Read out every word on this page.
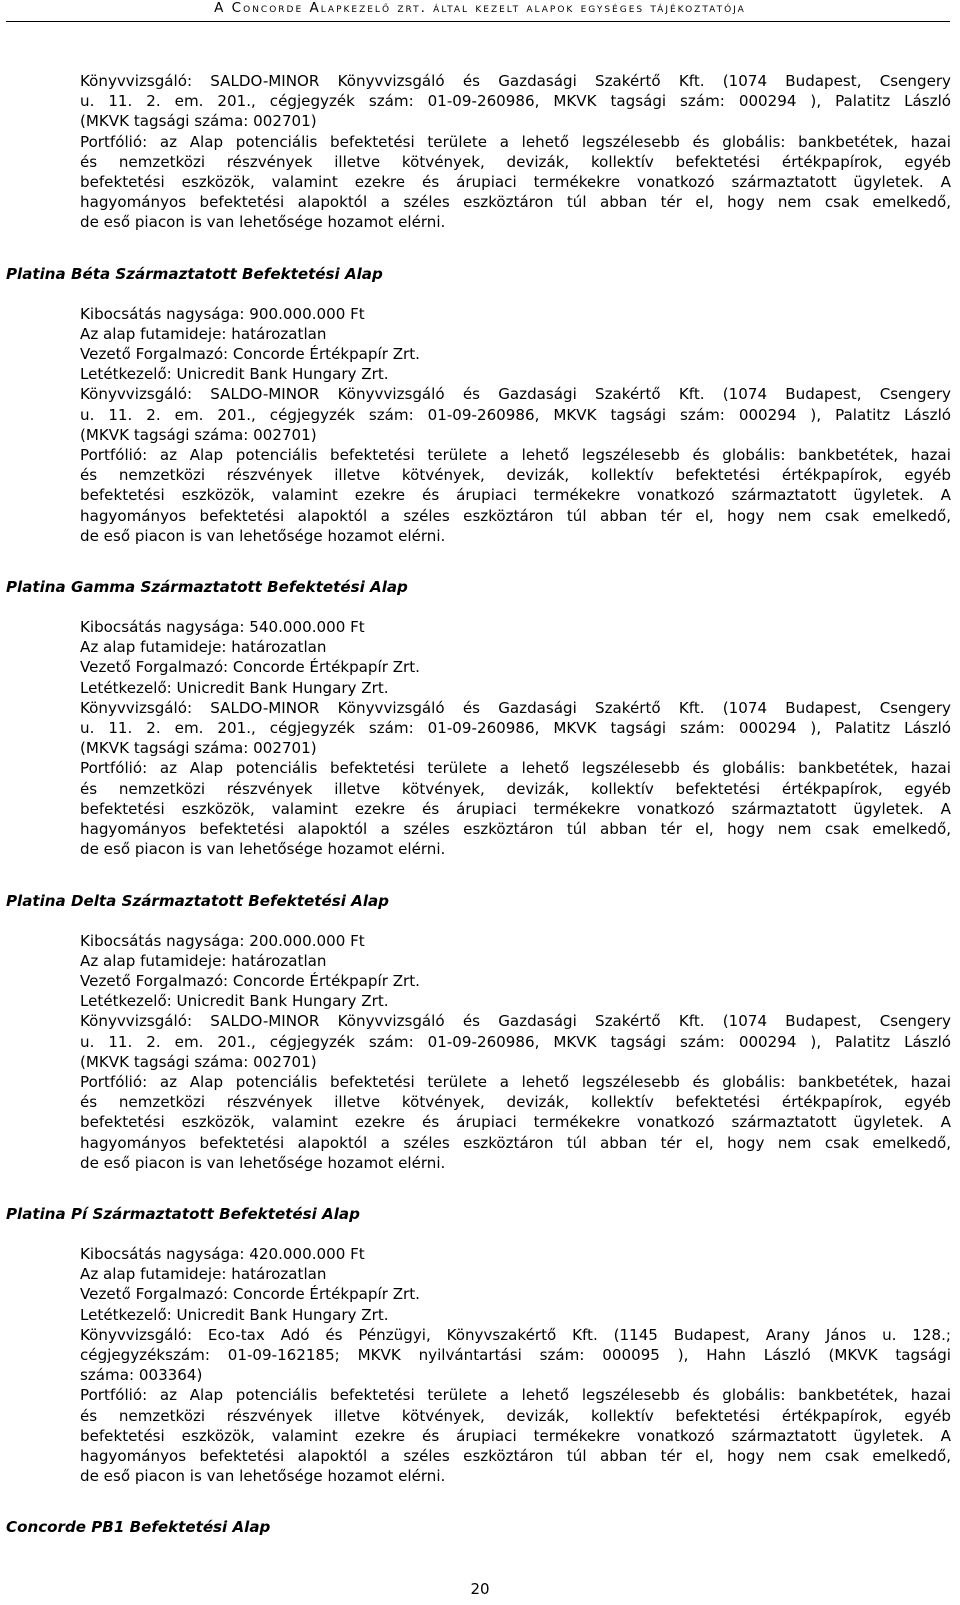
A Concorde Alapkezelő zrt. által kezelt alapok egységes tájékoztatója
Könyvvizsgáló: SALDO-MINOR Könyvvizsgáló és Gazdasági Szakértő Kft. (1074 Budapest, Csengery
u. 11. 2. em. 201., cégjegyzék szám: 01-09-260986, MKVK tagsági szám: 000294 ), Palatitz László
(MKVK tagsági száma: 002701)
Portfólió: az Alap potenciális befektetési területe a lehető legszélesebb és globális: bankbetétek, hazai
és nemzetközi részvények illetve kötvények, devizák, kollektív befektetési értékpapírok, egyéb
befektetési eszközök, valamint ezekre és árupiaci termékekre vonatkozó származtatott ügyletek. A
hagyományos befektetési alapoktól a széles eszköztáron túl abban tér el, hogy nem csak emelkedő,
de eső piacon is van lehetősége hozamot elérni.
Platina Béta Származtatott Befektetési Alap
Kibocsátás nagysága: 900.000.000 Ft
Az alap futamideje: határozatlan
Vezető Forgalmazó: Concorde Értékpapír Zrt.
Letétkezelő: Unicredit Bank Hungary Zrt.
Könyvvizsgáló: SALDO-MINOR Könyvvizsgáló és Gazdasági Szakértő Kft. (1074 Budapest, Csengery
u. 11. 2. em. 201., cégjegyzék szám: 01-09-260986, MKVK tagsági szám: 000294 ), Palatitz László
(MKVK tagsági száma: 002701)
Portfólió: az Alap potenciális befektetési területe a lehető legszélesebb és globális: bankbetétek, hazai
és nemzetközi részvények illetve kötvények, devizák, kollektív befektetési értékpapírok, egyéb
befektetési eszközök, valamint ezekre és árupiaci termékekre vonatkozó származtatott ügyletek. A
hagyományos befektetési alapoktól a széles eszköztáron túl abban tér el, hogy nem csak emelkedő,
de eső piacon is van lehetősége hozamot elérni.
Platina Gamma Származtatott Befektetési Alap
Kibocsátás nagysága: 540.000.000 Ft
Az alap futamideje: határozatlan
Vezető Forgalmazó: Concorde Értékpapír Zrt.
Letétkezelő: Unicredit Bank Hungary Zrt.
Könyvvizsgáló: SALDO-MINOR Könyvvizsgáló és Gazdasági Szakértő Kft. (1074 Budapest, Csengery
u. 11. 2. em. 201., cégjegyzék szám: 01-09-260986, MKVK tagsági szám: 000294 ), Palatitz László
(MKVK tagsági száma: 002701)
Portfólió: az Alap potenciális befektetési területe a lehető legszélesebb és globális: bankbetétek, hazai
és nemzetközi részvények illetve kötvények, devizák, kollektív befektetési értékpapírok, egyéb
befektetési eszközök, valamint ezekre és árupiaci termékekre vonatkozó származtatott ügyletek. A
hagyományos befektetési alapoktól a széles eszköztáron túl abban tér el, hogy nem csak emelkedő,
de eső piacon is van lehetősége hozamot elérni.
Platina Delta Származtatott Befektetési Alap
Kibocsátás nagysága: 200.000.000 Ft
Az alap futamideje: határozatlan
Vezető Forgalmazó: Concorde Értékpapír Zrt.
Letétkezelő: Unicredit Bank Hungary Zrt.
Könyvvizsgáló: SALDO-MINOR Könyvvizsgáló és Gazdasági Szakértő Kft. (1074 Budapest, Csengery
u. 11. 2. em. 201., cégjegyzék szám: 01-09-260986, MKVK tagsági szám: 000294 ), Palatitz László
(MKVK tagsági száma: 002701)
Portfólió: az Alap potenciális befektetési területe a lehető legszélesebb és globális: bankbetétek, hazai
és nemzetközi részvények illetve kötvények, devizák, kollektív befektetési értékpapírok, egyéb
befektetési eszközök, valamint ezekre és árupiaci termékekre vonatkozó származtatott ügyletek. A
hagyományos befektetési alapoktól a széles eszköztáron túl abban tér el, hogy nem csak emelkedő,
de eső piacon is van lehetősége hozamot elérni.
Platina Pí Származtatott Befektetési Alap
Kibocsátás nagysága: 420.000.000 Ft
Az alap futamideje: határozatlan
Vezető Forgalmazó: Concorde Értékpapír Zrt.
Letétkezelő: Unicredit Bank Hungary Zrt.
Könyvvizsgáló: Eco-tax Adó és Pénzügyi, Könyvszakértő Kft. (1145 Budapest, Arany János u. 128.;
cégjegyzékszám: 01-09-162185; MKVK nyilvántartási szám: 000095 ), Hahn László (MKVK tagsági
száma: 003364)
Portfólió: az Alap potenciális befektetési területe a lehető legszélesebb és globális: bankbetétek, hazai
és nemzetközi részvények illetve kötvények, devizák, kollektív befektetési értékpapírok, egyéb
befektetési eszközök, valamint ezekre és árupiaci termékekre vonatkozó származtatott ügyletek. A
hagyományos befektetési alapoktól a széles eszköztáron túl abban tér el, hogy nem csak emelkedő,
de eső piacon is van lehetősége hozamot elérni.
Concorde PB1 Befektetési Alap
20
